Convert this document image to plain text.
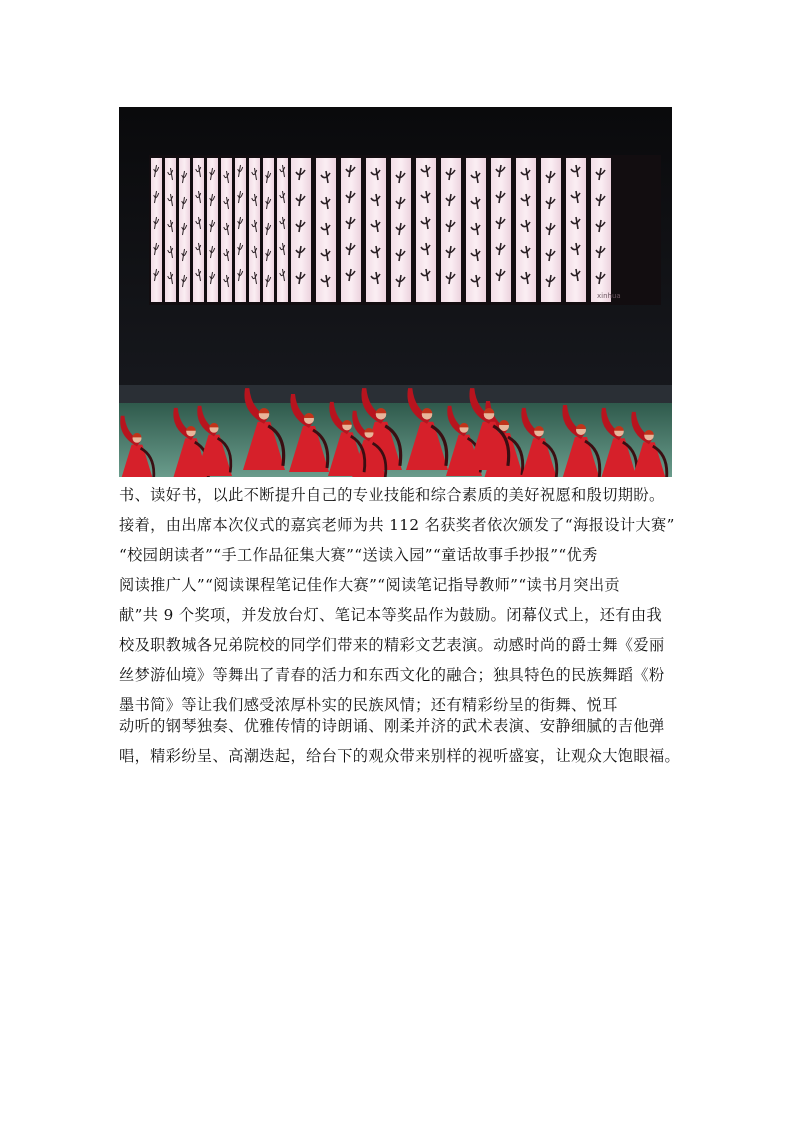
xinhua
书、读好书，以此不断提升自己的专业技能和综合素质的美好祝愿和殷切期盼。
接着，由出席本次仪式的嘉宾老师为共 112 名获奖者依次颁发了“海报设计大赛”
“校园朗读者”“手工作品征集大赛”“送读入园”“童话故事手抄报”“优秀
阅读推广人”“阅读课程笔记佳作大赛”“阅读笔记指导教师”“读书月突出贡
献”共 9 个奖项，并发放台灯、笔记本等奖品作为鼓励。闭幕仪式上，还有由我
校及职教城各兄弟院校的同学们带来的精彩文艺表演。动感时尚的爵士舞《爱丽
丝梦游仙境》等舞出了青春的活力和东西文化的融合；独具特色的民族舞蹈《粉
墨书简》等让我们感受浓厚朴实的民族风情；还有精彩纷呈的街舞、悦耳
动听的钢琴独奏、优雅传情的诗朗诵、刚柔并济的武术表演、安静细腻的吉他弹
唱，精彩纷呈、高潮迭起，给台下的观众带来别样的视听盛宴，让观众大饱眼福。
